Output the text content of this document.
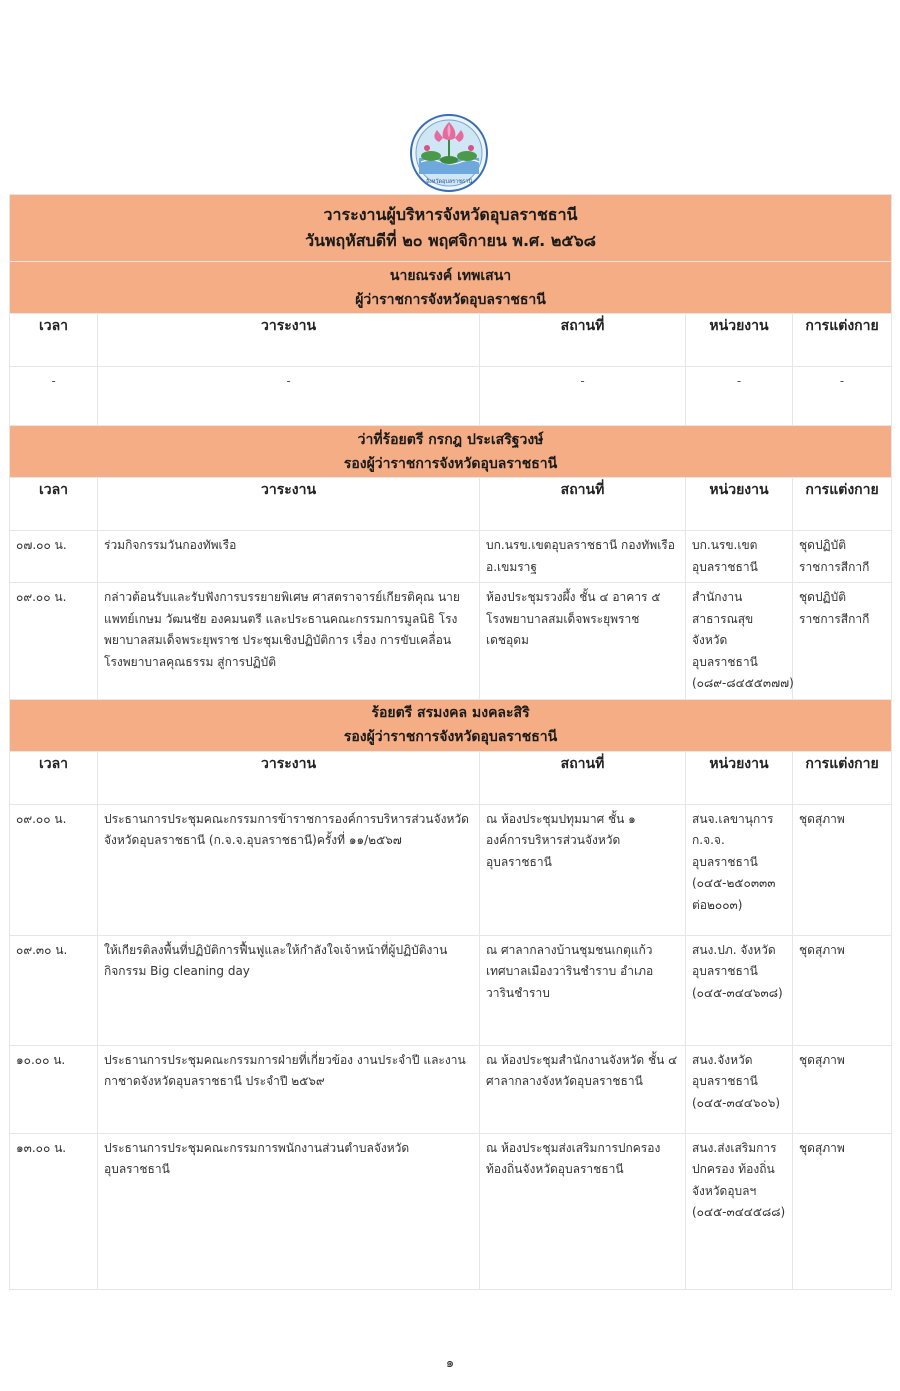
จังหวัดอุบลราชธานี
วาระงานผู้บริหารจังหวัดอุบลราชธานี
วันพฤหัสบดีที่ ๒๐ พฤศจิกายน พ.ศ. ๒๕๖๘				

นายณรงค์ เทพเสนา
ผู้ว่าราชการจังหวัดอุบลราชธานี				

เวลา	วาระงาน	สถานที่	หน่วยงาน	การแต่งกาย
-	-	-	-	-

ว่าที่ร้อยตรี กรกฎ ประเสริฐวงษ์
รองผู้ว่าราชการจังหวัดอุบลราชธานี				

เวลา	วาระงาน	สถานที่	หน่วยงาน	การแต่งกาย
๐๗.๐๐ น.	ร่วมกิจกรรมวันกองทัพเรือ	บก.นรข.เขตอุบลราชธานี กองทัพเรือ อ.เขมราฐ	บก.นรข.เขต อุบลราชธานี	ชุดปฏิบัติราชการสีกากี
๐๙.๐๐ น.	กล่าวต้อนรับและรับฟังการบรรยายพิเศษ ศาสตราจารย์เกียรติคุณ นายแพทย์เกษม วัฒนชัย องคมนตรี และประธานคณะกรรมการมูลนิธิ โรงพยาบาลสมเด็จพระยุพราช ประชุมเชิงปฏิบัติการ เรื่อง การขับเคลื่อน โรงพยาบาลคุณธรรม สู่การปฏิบัติ	ห้องประชุมรวงผึ้ง ชั้น ๔ อาคาร ๕ โรงพยาบาลสมเด็จพระยุพราช เดชอุดม	สำนักงานสาธารณสุขจังหวัดอุบลราชธานี (๐๘๙-๘๔๕๕๓๗๗)	ชุดปฏิบัติราชการสีกากี

ร้อยตรี สรมงคล มงคละสิริ
รองผู้ว่าราชการจังหวัดอุบลราชธานี				

เวลา	วาระงาน	สถานที่	หน่วยงาน	การแต่งกาย
๐๙.๐๐ น.	ประธานการประชุมคณะกรรมการข้าราชการองค์การบริหารส่วนจังหวัด จังหวัดอุบลราชธานี (ก.จ.จ.อุบลราชธานี)ครั้งที่ ๑๑/๒๕๖๗	ณ ห้องประชุมปทุมมาศ ชั้น ๑ องค์การบริหารส่วนจังหวัดอุบลราชธานี	สนจ.เลขานุการ ก.จ.จ. อุบลราชธานี (๐๔๕-๒๕๐๓๓๓ ต่อ๒๐๐๓)	ชุดสุภาพ
๐๙.๓๐ น.	ให้เกียรติลงพื้นที่ปฏิบัติการฟื้นฟูและให้กำลังใจเจ้าหน้าที่ผู้ปฏิบัติงาน กิจกรรม Big cleaning day	ณ ศาลากลางบ้านชุมชนเกตุแก้ว เทศบาลเมืองวารินชำราบ อำเภอวารินชำราบ	สนง.ปภ. จังหวัด อุบลราชธานี (๐๔๕-๓๔๔๖๓๘)	ชุดสุภาพ
๑๐.๐๐ น.	ประธานการประชุมคณะกรรมการฝ่ายที่เกี่ยวข้อง งานประจำปี และงานกาชาดจังหวัดอุบลราชธานี ประจำปี ๒๕๖๙	ณ ห้องประชุมสำนักงานจังหวัด ชั้น ๔ ศาลากลางจังหวัดอุบลราชธานี	สนง.จังหวัด อุบลราชธานี (๐๔๕-๓๔๔๖๐๖)	ชุดสุภาพ
๑๓.๐๐ น.	ประธานการประชุมคณะกรรมการพนักงานส่วนตำบลจังหวัดอุบลราชธานี	ณ ห้องประชุมส่งเสริมการปกครองท้องถิ่นจังหวัดอุบลราชธานี	สนง.ส่งเสริมการปกครอง ท้องถิ่น จังหวัดอุบลฯ (๐๔๕-๓๔๔๕๘๘)	ชุดสุภาพ
๑
